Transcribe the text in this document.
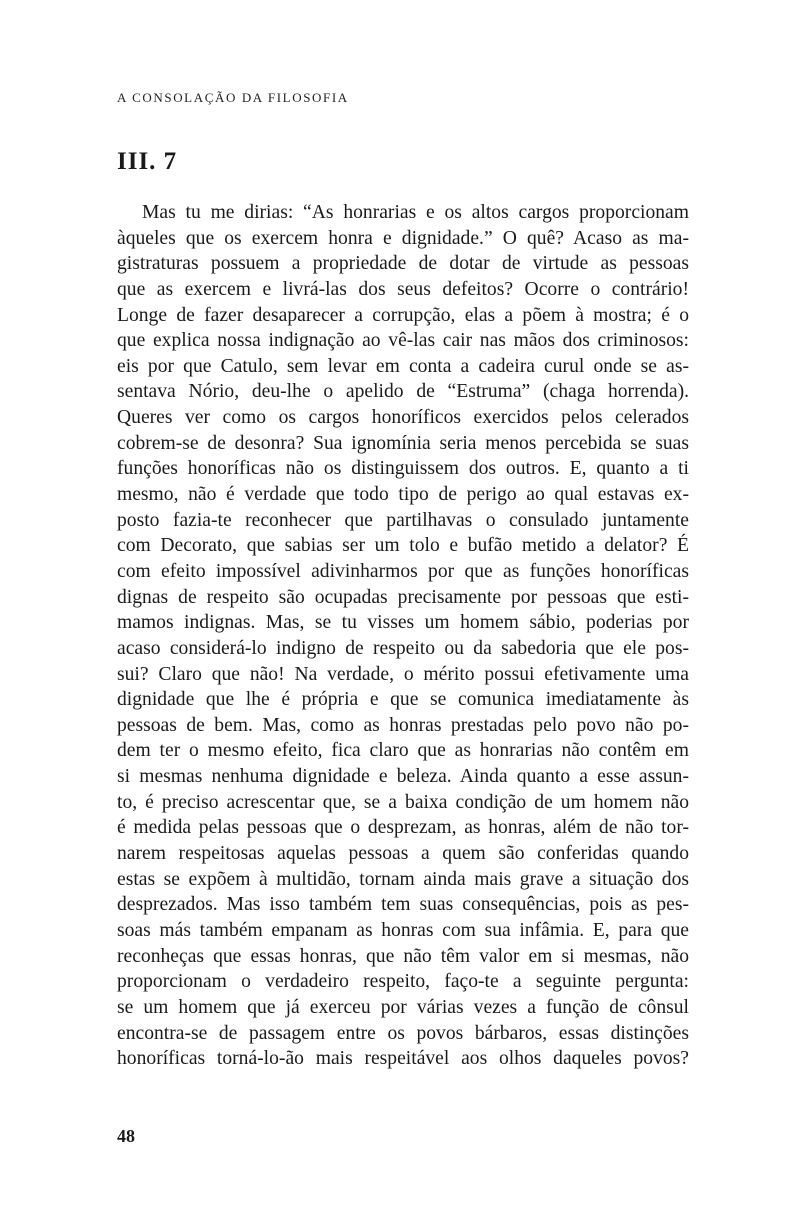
A CONSOLAÇÃO DA FILOSOFIA
III. 7
Mas tu me dirias: “As honrarias e os altos cargos proporcionam
àqueles que os exercem honra e dignidade.” O quê? Acaso as ma-
gistraturas possuem a propriedade de dotar de virtude as pessoas
que as exercem e livrá-las dos seus defeitos? Ocorre o contrário!
Longe de fazer desaparecer a corrupção, elas a põem à mostra; é o
que explica nossa indignação ao vê-las cair nas mãos dos criminosos:
eis por que Catulo, sem levar em conta a cadeira curul onde se as-
sentava Nório, deu-lhe o apelido de “Estruma” (chaga horrenda).
Queres ver como os cargos honoríficos exercidos pelos celerados
cobrem-se de desonra? Sua ignomínia seria menos percebida se suas
funções honoríficas não os distinguissem dos outros. E, quanto a ti
mesmo, não é verdade que todo tipo de perigo ao qual estavas ex-
posto fazia-te reconhecer que partilhavas o consulado juntamente
com Decorato, que sabias ser um tolo e bufão metido a delator? É
com efeito impossível adivinharmos por que as funções honoríficas
dignas de respeito são ocupadas precisamente por pessoas que esti-
mamos indignas. Mas, se tu visses um homem sábio, poderias por
acaso considerá-lo indigno de respeito ou da sabedoria que ele pos-
sui? Claro que não! Na verdade, o mérito possui efetivamente uma
dignidade que lhe é própria e que se comunica imediatamente às
pessoas de bem. Mas, como as honras prestadas pelo povo não po-
dem ter o mesmo efeito, fica claro que as honrarias não contêm em
si mesmas nenhuma dignidade e beleza. Ainda quanto a esse assun-
to, é preciso acrescentar que, se a baixa condição de um homem não
é medida pelas pessoas que o desprezam, as honras, além de não tor-
narem respeitosas aquelas pessoas a quem são conferidas quando
estas se expõem à multidão, tornam ainda mais grave a situação dos
desprezados. Mas isso também tem suas consequências, pois as pes-
soas más também empanam as honras com sua infâmia. E, para que
reconheças que essas honras, que não têm valor em si mesmas, não
proporcionam o verdadeiro respeito, faço-te a seguinte pergunta:
se um homem que já exerceu por várias vezes a função de cônsul
encontra-se de passagem entre os povos bárbaros, essas distinções
honoríficas torná-lo-ão mais respeitável aos olhos daqueles povos?
48
